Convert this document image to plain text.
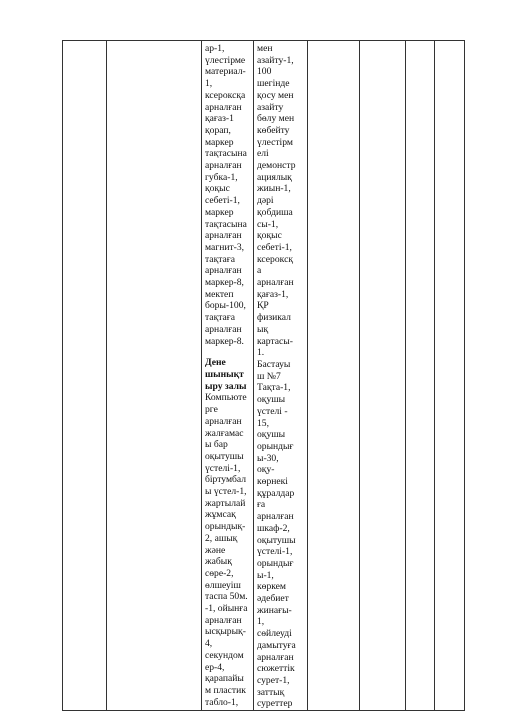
ар-1,
үлестірме
материал-
1,
ксероксқа
арналған
қағаз-1
қорап,
маркер
тақтасына
арналған
губка-1,
қоқыс
себеті-1,
маркер
тақтасына
арналған
магнит-3,
тақтаға
арналған
маркер-8,
мектеп
боры-100,
тақтаға
арналған
маркер-8.
Дене
шынықт
ыру залы
Компьюте
рге
арналған
жалғамас
ы бар
оқытушы
үстелі-1,
біртумбал
ы үстел-1,
жартылай
жұмсақ
орындық-
2, ашық
және
жабық
сөре-2,
өлшеуіш
таспа 50м.
-1, ойынға
арналған
ысқырық-
4,
секундом
ер-4,
қарапайы
м пластик
табло-1,

мен
азайту-1,
100
шегінде
қосу мен
азайту
бөлу мен
көбейту
үлестірм
елі
демонстр
ациялық
жиын-1,
дәрі
қобдиша
сы-1,
қоқыс
себеті-1,
ксероксқ
а
арналған
қағаз-1,
ҚР
физикал
ық
картасы-
1.
Бастауы
ш №7
Тақта-1,
оқушы
үстелі -
15,
оқушы
орындығ
ы-30,
оқу-
көрнекі
құралдар
ға
арналған
шкаф-2,
оқытушы
үстелі-1,
орындығ
ы-1,
көркем
әдебиет
жинағы-
1,
сөйлеуді
дамытуға
арналған
сюжеттік
сурет-1,
заттық
суреттер
